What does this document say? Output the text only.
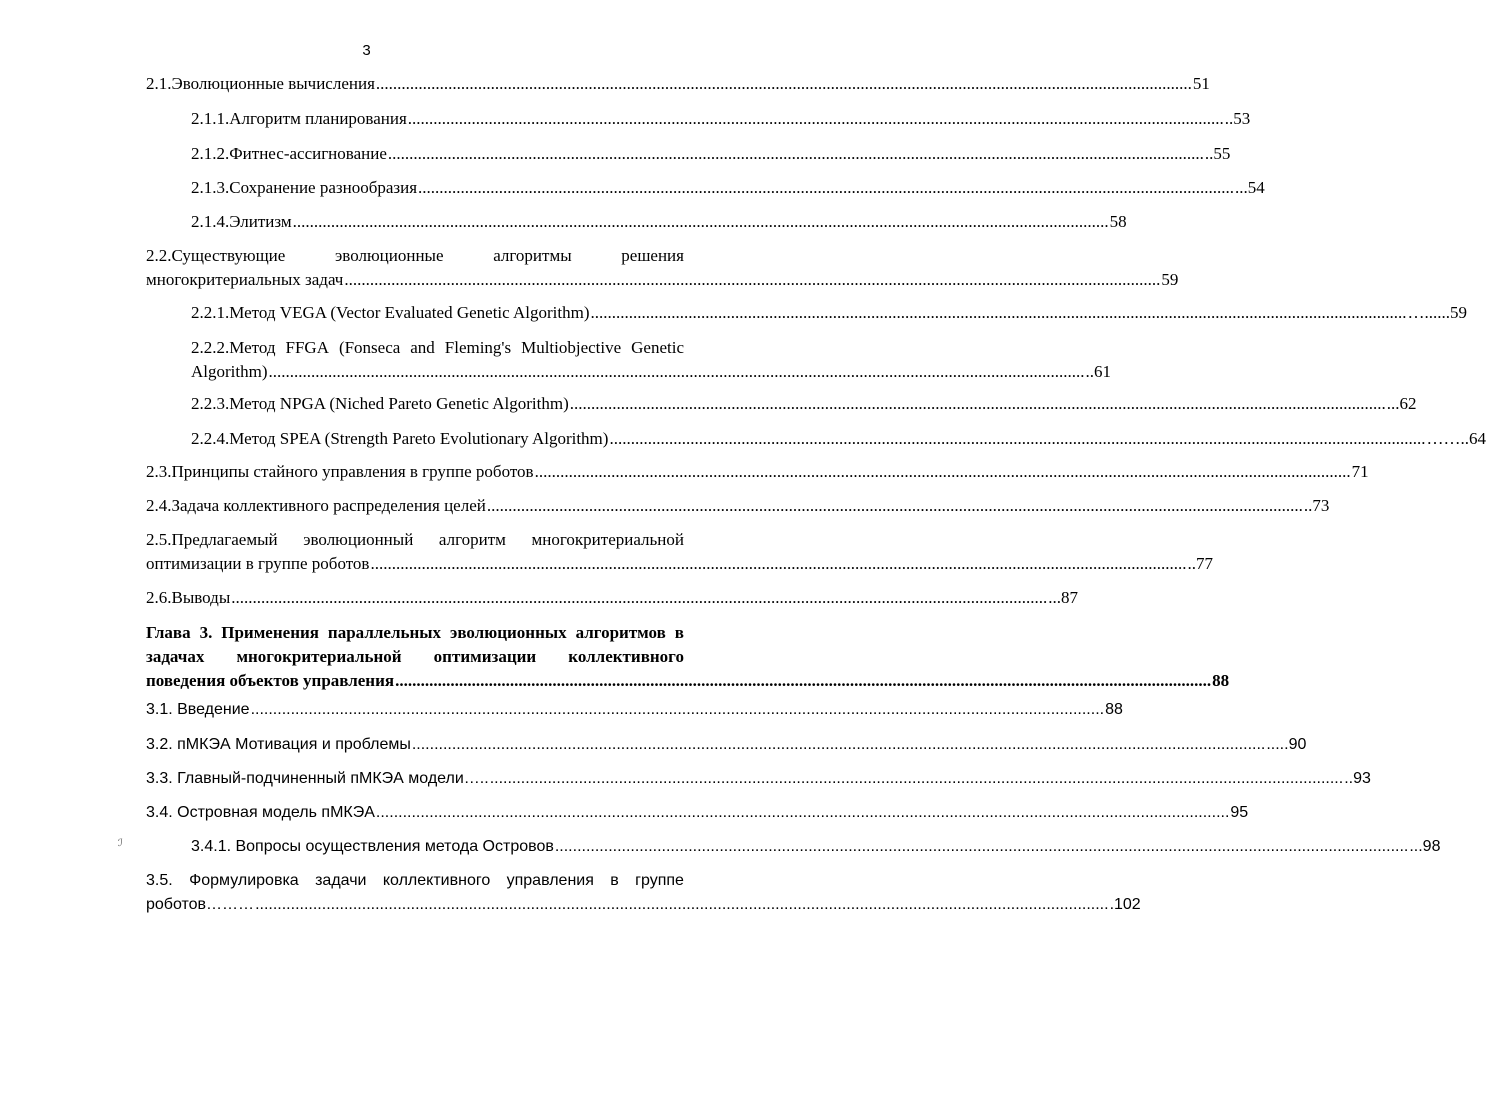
3
2.1.Эволюционные вычисления ................................................................................................................................................................................................ 51
2.1.1.Алгоритм планирования ................................................................................................................................................................................................ ..53
2.1.2.Фитнес-ассигнование ................................................................................................................................................................................................ ..55
2.1.3.Сохранение разнообразия ................................................................................................................................................................................................ ...54
2.1.4.Элитизм ................................................................................................................................................................................................ 58
2.2.Существующие	эволюционные	алгоритмы	решения
многокритериальных задач ................................................................................................................................................................................................ 59
2.2.1.Метод VEGA (Vector Evaluated Genetic Algorithm) ................................................................................................................................................................................................ …......59
2.2.2.Метод FFGA (Fonseca and Fleming's Multiobjective Genetic
Algorithm) ................................................................................................................................................................................................ ..61
2.2.3.Метод NPGA (Niched Pareto Genetic Algorithm) ................................................................................................................................................................................................ ...62
2.2.4.Метод SPEA (Strength Pareto Evolutionary Algorithm) ................................................................................................................................................................................................ ……..64
2.3.Принципы стайного управления в группе роботов ................................................................................................................................................................................................ 71
2.4.Задача коллективного распределения целей ................................................................................................................................................................................................ ..73
2.5.Предлагаемый эволюционный алгоритм многокритериальной
оптимизации в группе роботов ................................................................................................................................................................................................ ..77
2.6.Выводы ................................................................................................................................................................................................ ...87
Глава 3. Применения параллельных эволюционных алгоритмов в
задачах многокритериальной оптимизации коллективного
поведения объектов управления ................................................................................................................................................................................................ 88
3.1. Введение ................................................................................................................................................................................................ 88
3.2. пМКЭА Мотивация и проблемы ................................................................................................................................................................................................ .....90
3.3. Главный-подчиненный пМКЭА модели….. ................................................................................................................................................................................................ ..93
3.4. Островная модель пМКЭА ................................................................................................................................................................................................ 95
3.4.1. Вопросы осуществления метода Островов ................................................................................................................................................................................................ ...98
3.5. Формулировка задачи коллективного управления в группе
роботов……… ................................................................................................................................................................................................ .102
ℐ
